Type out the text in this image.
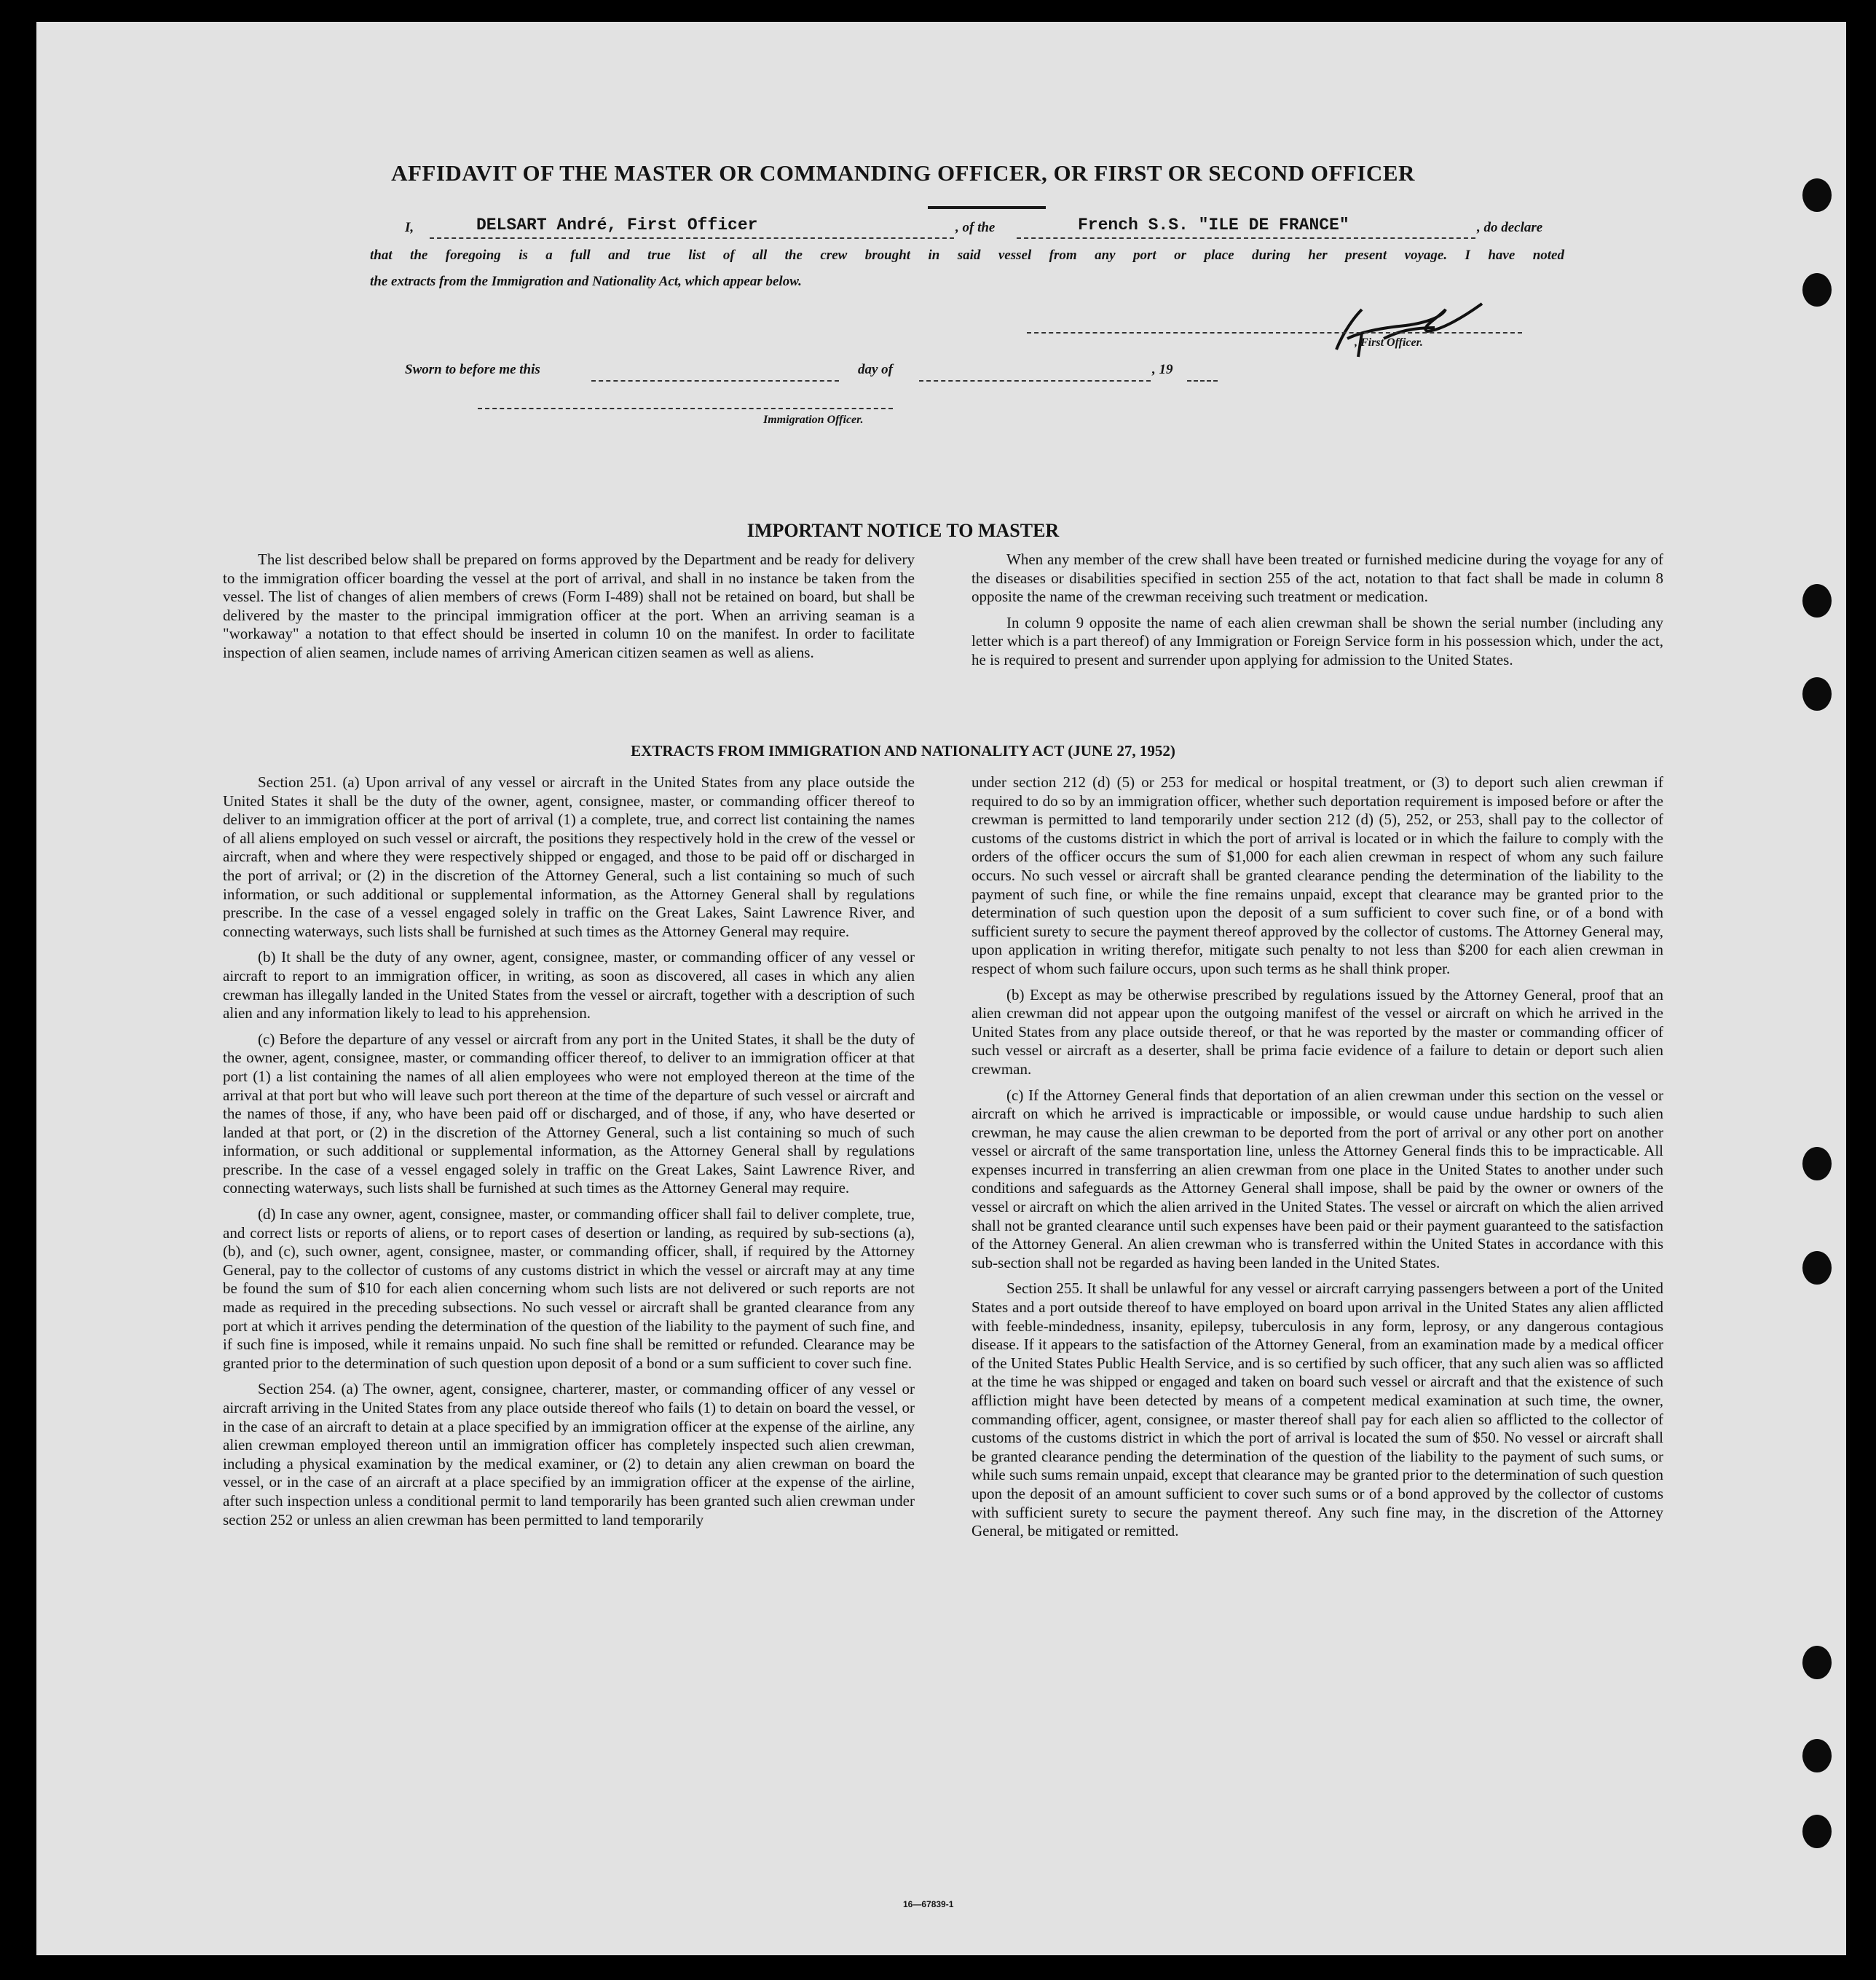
AFFIDAVIT OF THE MASTER OR COMMANDING OFFICER, OR FIRST OR SECOND OFFICER
I,	DELSART André, First Officer	, of the	French S.S. "ILE DE FRANCE"	, do declare
that the foregoing is a full and true list of all the crew brought in said vessel from any port or place during her present voyage. I have noted
the extracts from the Immigration and Nationality Act, which appear below.
, First Officer.
Sworn to before me this	day of	, 19
Immigration Officer.
IMPORTANT NOTICE TO MASTER

The list described below shall be prepared on forms approved by the Department and be ready for delivery to the immigration officer boarding the vessel at the port of arrival, and shall in no instance be taken from the vessel. The list of changes of alien members of crews (Form I-489) shall not be retained on board, but shall be delivered by the master to the principal immigration officer at the port. When an arriving seaman is a "workaway" a notation to that effect should be inserted in column 10 on the manifest. In order to facilitate inspection of alien seamen, include names of arriving American citizen seamen as well as aliens.

When any member of the crew shall have been treated or furnished medicine during the voyage for any of the diseases or disabilities specified in section 255 of the act, notation to that fact shall be made in column 8 opposite the name of the crewman receiving such treatment or medication.

In column 9 opposite the name of each alien crewman shall be shown the serial number (including any letter which is a part thereof) of any Immigration or Foreign Service form in his possession which, under the act, he is required to present and surrender upon applying for admission to the United States.

EXTRACTS FROM IMMIGRATION AND NATIONALITY ACT (JUNE 27, 1952)

Section 251. (a) Upon arrival of any vessel or aircraft in the United States from any place outside the United States it shall be the duty of the owner, agent, consignee, master, or commanding officer thereof to deliver to an immigration officer at the port of arrival (1) a complete, true, and correct list containing the names of all aliens employed on such vessel or aircraft, the positions they respectively hold in the crew of the vessel or aircraft, when and where they were respectively shipped or engaged, and those to be paid off or discharged in the port of arrival; or (2) in the discretion of the Attorney General, such a list containing so much of such information, or such additional or supplemental information, as the Attorney General shall by regulations prescribe. In the case of a vessel engaged solely in traffic on the Great Lakes, Saint Lawrence River, and connecting waterways, such lists shall be furnished at such times as the Attorney General may require.

(b) It shall be the duty of any owner, agent, consignee, master, or commanding officer of any vessel or aircraft to report to an immigration officer, in writing, as soon as discovered, all cases in which any alien crewman has illegally landed in the United States from the vessel or aircraft, together with a description of such alien and any information likely to lead to his apprehension.

(c) Before the departure of any vessel or aircraft from any port in the United States, it shall be the duty of the owner, agent, consignee, master, or commanding officer thereof, to deliver to an immigration officer at that port (1) a list containing the names of all alien employees who were not employed thereon at the time of the arrival at that port but who will leave such port thereon at the time of the departure of such vessel or aircraft and the names of those, if any, who have been paid off or discharged, and of those, if any, who have deserted or landed at that port, or (2) in the discretion of the Attorney General, such a list containing so much of such information, or such additional or supplemental information, as the Attorney General shall by regulations prescribe. In the case of a vessel engaged solely in traffic on the Great Lakes, Saint Lawrence River, and connecting waterways, such lists shall be furnished at such times as the Attorney General may require.

(d) In case any owner, agent, consignee, master, or commanding officer shall fail to deliver complete, true, and correct lists or reports of aliens, or to report cases of desertion or landing, as required by sub-sections (a), (b), and (c), such owner, agent, consignee, master, or commanding officer, shall, if required by the Attorney General, pay to the collector of customs of any customs district in which the vessel or aircraft may at any time be found the sum of $10 for each alien concerning whom such lists are not delivered or such reports are not made as required in the preceding subsections. No such vessel or aircraft shall be granted clearance from any port at which it arrives pending the determination of the question of the liability to the payment of such fine, and if such fine is imposed, while it remains unpaid. No such fine shall be remitted or refunded. Clearance may be granted prior to the determination of such question upon deposit of a bond or a sum sufficient to cover such fine.

Section 254. (a) The owner, agent, consignee, charterer, master, or commanding officer of any vessel or aircraft arriving in the United States from any place outside thereof who fails (1) to detain on board the vessel, or in the case of an aircraft to detain at a place specified by an immigration officer at the expense of the airline, any alien crewman employed thereon until an immigration officer has completely inspected such alien crewman, including a physical examination by the medical examiner, or (2) to detain any alien crewman on board the vessel, or in the case of an aircraft at a place specified by an immigration officer at the expense of the airline, after such inspection unless a conditional permit to land temporarily has been granted such alien crewman under section 252 or unless an alien crewman has been permitted to land temporarily

under section 212 (d) (5) or 253 for medical or hospital treatment, or (3) to deport such alien crewman if required to do so by an immigration officer, whether such deportation requirement is imposed before or after the crewman is permitted to land temporarily under section 212 (d) (5), 252, or 253, shall pay to the collector of customs of the customs district in which the port of arrival is located or in which the failure to comply with the orders of the officer occurs the sum of $1,000 for each alien crewman in respect of whom any such failure occurs. No such vessel or aircraft shall be granted clearance pending the determination of the liability to the payment of such fine, or while the fine remains unpaid, except that clearance may be granted prior to the determination of such question upon the deposit of a sum sufficient to cover such fine, or of a bond with sufficient surety to secure the payment thereof approved by the collector of customs. The Attorney General may, upon application in writing therefor, mitigate such penalty to not less than $200 for each alien crewman in respect of whom such failure occurs, upon such terms as he shall think proper.

(b) Except as may be otherwise prescribed by regulations issued by the Attorney General, proof that an alien crewman did not appear upon the outgoing manifest of the vessel or aircraft on which he arrived in the United States from any place outside thereof, or that he was reported by the master or commanding officer of such vessel or aircraft as a deserter, shall be prima facie evidence of a failure to detain or deport such alien crewman.

(c) If the Attorney General finds that deportation of an alien crewman under this section on the vessel or aircraft on which he arrived is impracticable or impossible, or would cause undue hardship to such alien crewman, he may cause the alien crewman to be deported from the port of arrival or any other port on another vessel or aircraft of the same transportation line, unless the Attorney General finds this to be impracticable. All expenses incurred in transferring an alien crewman from one place in the United States to another under such conditions and safeguards as the Attorney General shall impose, shall be paid by the owner or owners of the vessel or aircraft on which the alien arrived in the United States. The vessel or aircraft on which the alien arrived shall not be granted clearance until such expenses have been paid or their payment guaranteed to the satisfaction of the Attorney General. An alien crewman who is transferred within the United States in accordance with this sub-section shall not be regarded as having been landed in the United States.

Section 255. It shall be unlawful for any vessel or aircraft carrying passengers between a port of the United States and a port outside thereof to have employed on board upon arrival in the United States any alien afflicted with feeble-mindedness, insanity, epilepsy, tuberculosis in any form, leprosy, or any dangerous contagious disease. If it appears to the satisfaction of the Attorney General, from an examination made by a medical officer of the United States Public Health Service, and is so certified by such officer, that any such alien was so afflicted at the time he was shipped or engaged and taken on board such vessel or aircraft and that the existence of such affliction might have been detected by means of a competent medical examination at such time, the owner, commanding officer, agent, consignee, or master thereof shall pay for each alien so afflicted to the collector of customs of the customs district in which the port of arrival is located the sum of $50. No vessel or aircraft shall be granted clearance pending the determination of the question of the liability to the payment of such sums, or while such sums remain unpaid, except that clearance may be granted prior to the determination of such question upon the deposit of an amount sufficient to cover such sums or of a bond approved by the collector of customs with sufficient surety to secure the payment thereof. Any such fine may, in the discretion of the Attorney General, be mitigated or remitted.

16—67839-1
